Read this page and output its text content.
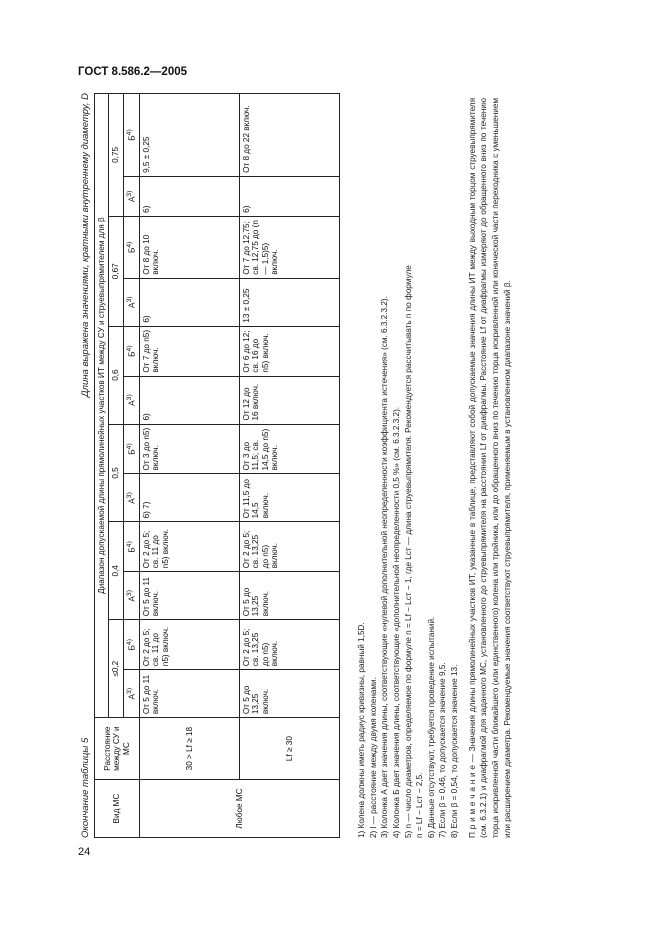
ГОСТ 8.586.2—2005
Окончание таблицы 5
Длина выражена значениями, кратными внутреннему диаметру, D
Вид МС	Расстояние между СУ и МС	Диапазон допускаемой длины прямолинейных участков ИТ между СУ и струевыпрямителем для β											
		≤0,2		0,4		0,5		0,6		0,67		0,75	
		$А^{3)}$	$Б^{4)}$	$А^{3)}$	$Б^{4)}$	$А^{3)}$	$Б^{4)}$	$А^{3)}$	$Б^{4)}$	$А^{3)}$	$Б^{4)}$	$А^{3)}$	$Б^{4)}$
Любое МС	30 > Lf ≥ 18	От 5 до 11 включ.	От 2 до 5; св. 11 до n5) включ.	От 5 до 11 включ.	От 2 до 5; св. 11 до n5) включ.	6) 7)	От 3 до n5) включ.	6)	От 7 до n5) включ.	6)	От 8 до 10 включ.	6)	9,5 ± 0,25
	Lf ≥ 30	От 5 до 13,25 включ.	От 2 до 5; св. 13,25 до n5) включ.	От 5 до 13,25 включ.	От 2 до 5; св. 13,25 до n5) включ.	От 11,5 до 14,5 включ.	От 3 до 11,5; св. 14,5 до n5) включ.	От 12 до 16 включ.	От 6 до 12; св. 16 до n5) включ.	13 ± 0,25	От 7 до 12,75; св. 12,75 до (n — 1,5)5) включ.	6)	От 8 до 22 включ.
1) Колена должны иметь радиус кривизны, равный 1,5D. 2) l — расстояние между двумя коленами. 3) Колонка А дает значения длины, соответствующие «нулевой дополнительной неопределенности коэффициента истечения» (см. 6.3.2.3.2). 4) Колонка Б дает значения длины, соответствующие «дополнительной неопределенности 0,5 %» (см. 6.3.2.3.2). 5) n — число диаметров, определяемое по формуле n = Lf − Lст − 1, где Lст — длина струевыпрямителя. Рекомендуется рассчитывать n по формуле n = Lf − Lст − 2,5. 6) Данные отсутствуют, требуется проведение испытаний. 7) Если β = 0,46, то допускается значение 9,5. 8) Если β = 0,54, то допускается значение 13. П р и м е ч а н и е — Значения длины прямолинейных участков ИТ, указанные в таблице, представляют собой допускаемые значения длины ИТ между выходным торцом струевыпрямителя (см. 6.3.2.1) и диафрагмой для заданного МС, установленного до струевыпрямителя на расстоянии Lf от диафрагмы. Расстояние Lf от диафрагмы измеряют до обращенного вниз по течению торца искривленной части ближайшего (или единственного) колена или тройника, или до обращенного вниз по течению торца искривленной или конической части переходника с уменьшением или расширением диаметра. Рекомендуемые значения соответствуют струевыпрямителя, применяемым в установленном диапазоне значений β.
24
